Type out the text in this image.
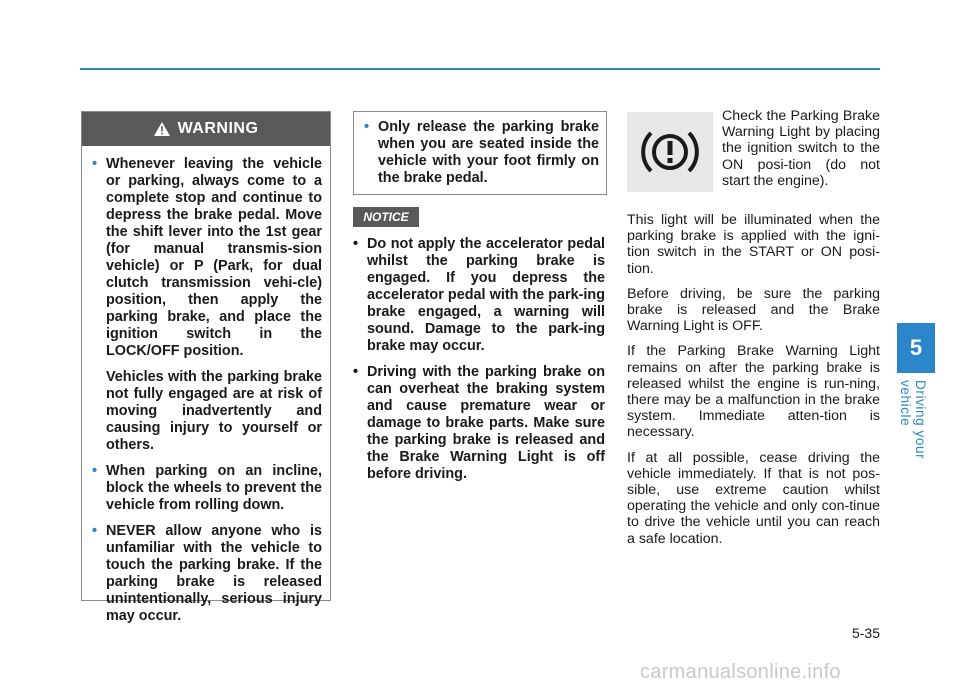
WARNING
• Whenever leaving the vehicle or parking, always come to a complete stop and continue to depress the brake pedal. Move the shift lever into the 1st gear (for manual transmis-sion vehicle) or P (Park, for dual clutch transmission vehi-cle) position, then apply the parking brake, and place the ignition switch in the LOCK/OFF position.

Vehicles with the parking brake not fully engaged are at risk of moving inadvertently and causing injury to yourself or others.

• When parking on an incline, block the wheels to prevent the vehicle from rolling down.

• NEVER allow anyone who is unfamiliar with the vehicle to touch the parking brake. If the parking brake is released unintentionally, serious injury may occur.

• Only release the parking brake when you are seated inside the vehicle with your foot firmly on the brake pedal.
NOTICE
• Do not apply the accelerator pedal whilst the parking brake is engaged. If you depress the accelerator pedal with the park-ing brake engaged, a warning will sound. Damage to the park-ing brake may occur.
• Driving with the parking brake on can overheat the braking system and cause premature wear or damage to brake parts. Make sure the parking brake is released and the Brake Warning Light is off before driving.

Check the Parking Brake Warning Light by placing the ignition switch to the ON posi-tion (do not start the engine).

This light will be illuminated when the parking brake is applied with the igni-tion switch in the START or ON posi-tion.

Before driving, be sure the parking brake is released and the Brake Warning Light is OFF.

If the Parking Brake Warning Light remains on after the parking brake is released whilst the engine is run-ning, there may be a malfunction in the brake system. Immediate atten-tion is necessary.

If at all possible, cease driving the vehicle immediately. If that is not pos-sible, use extreme caution whilst operating the vehicle and only con-tinue to drive the vehicle until you can reach a safe location.

5
Driving your vehicle
5-35
carmanualsonline.info
